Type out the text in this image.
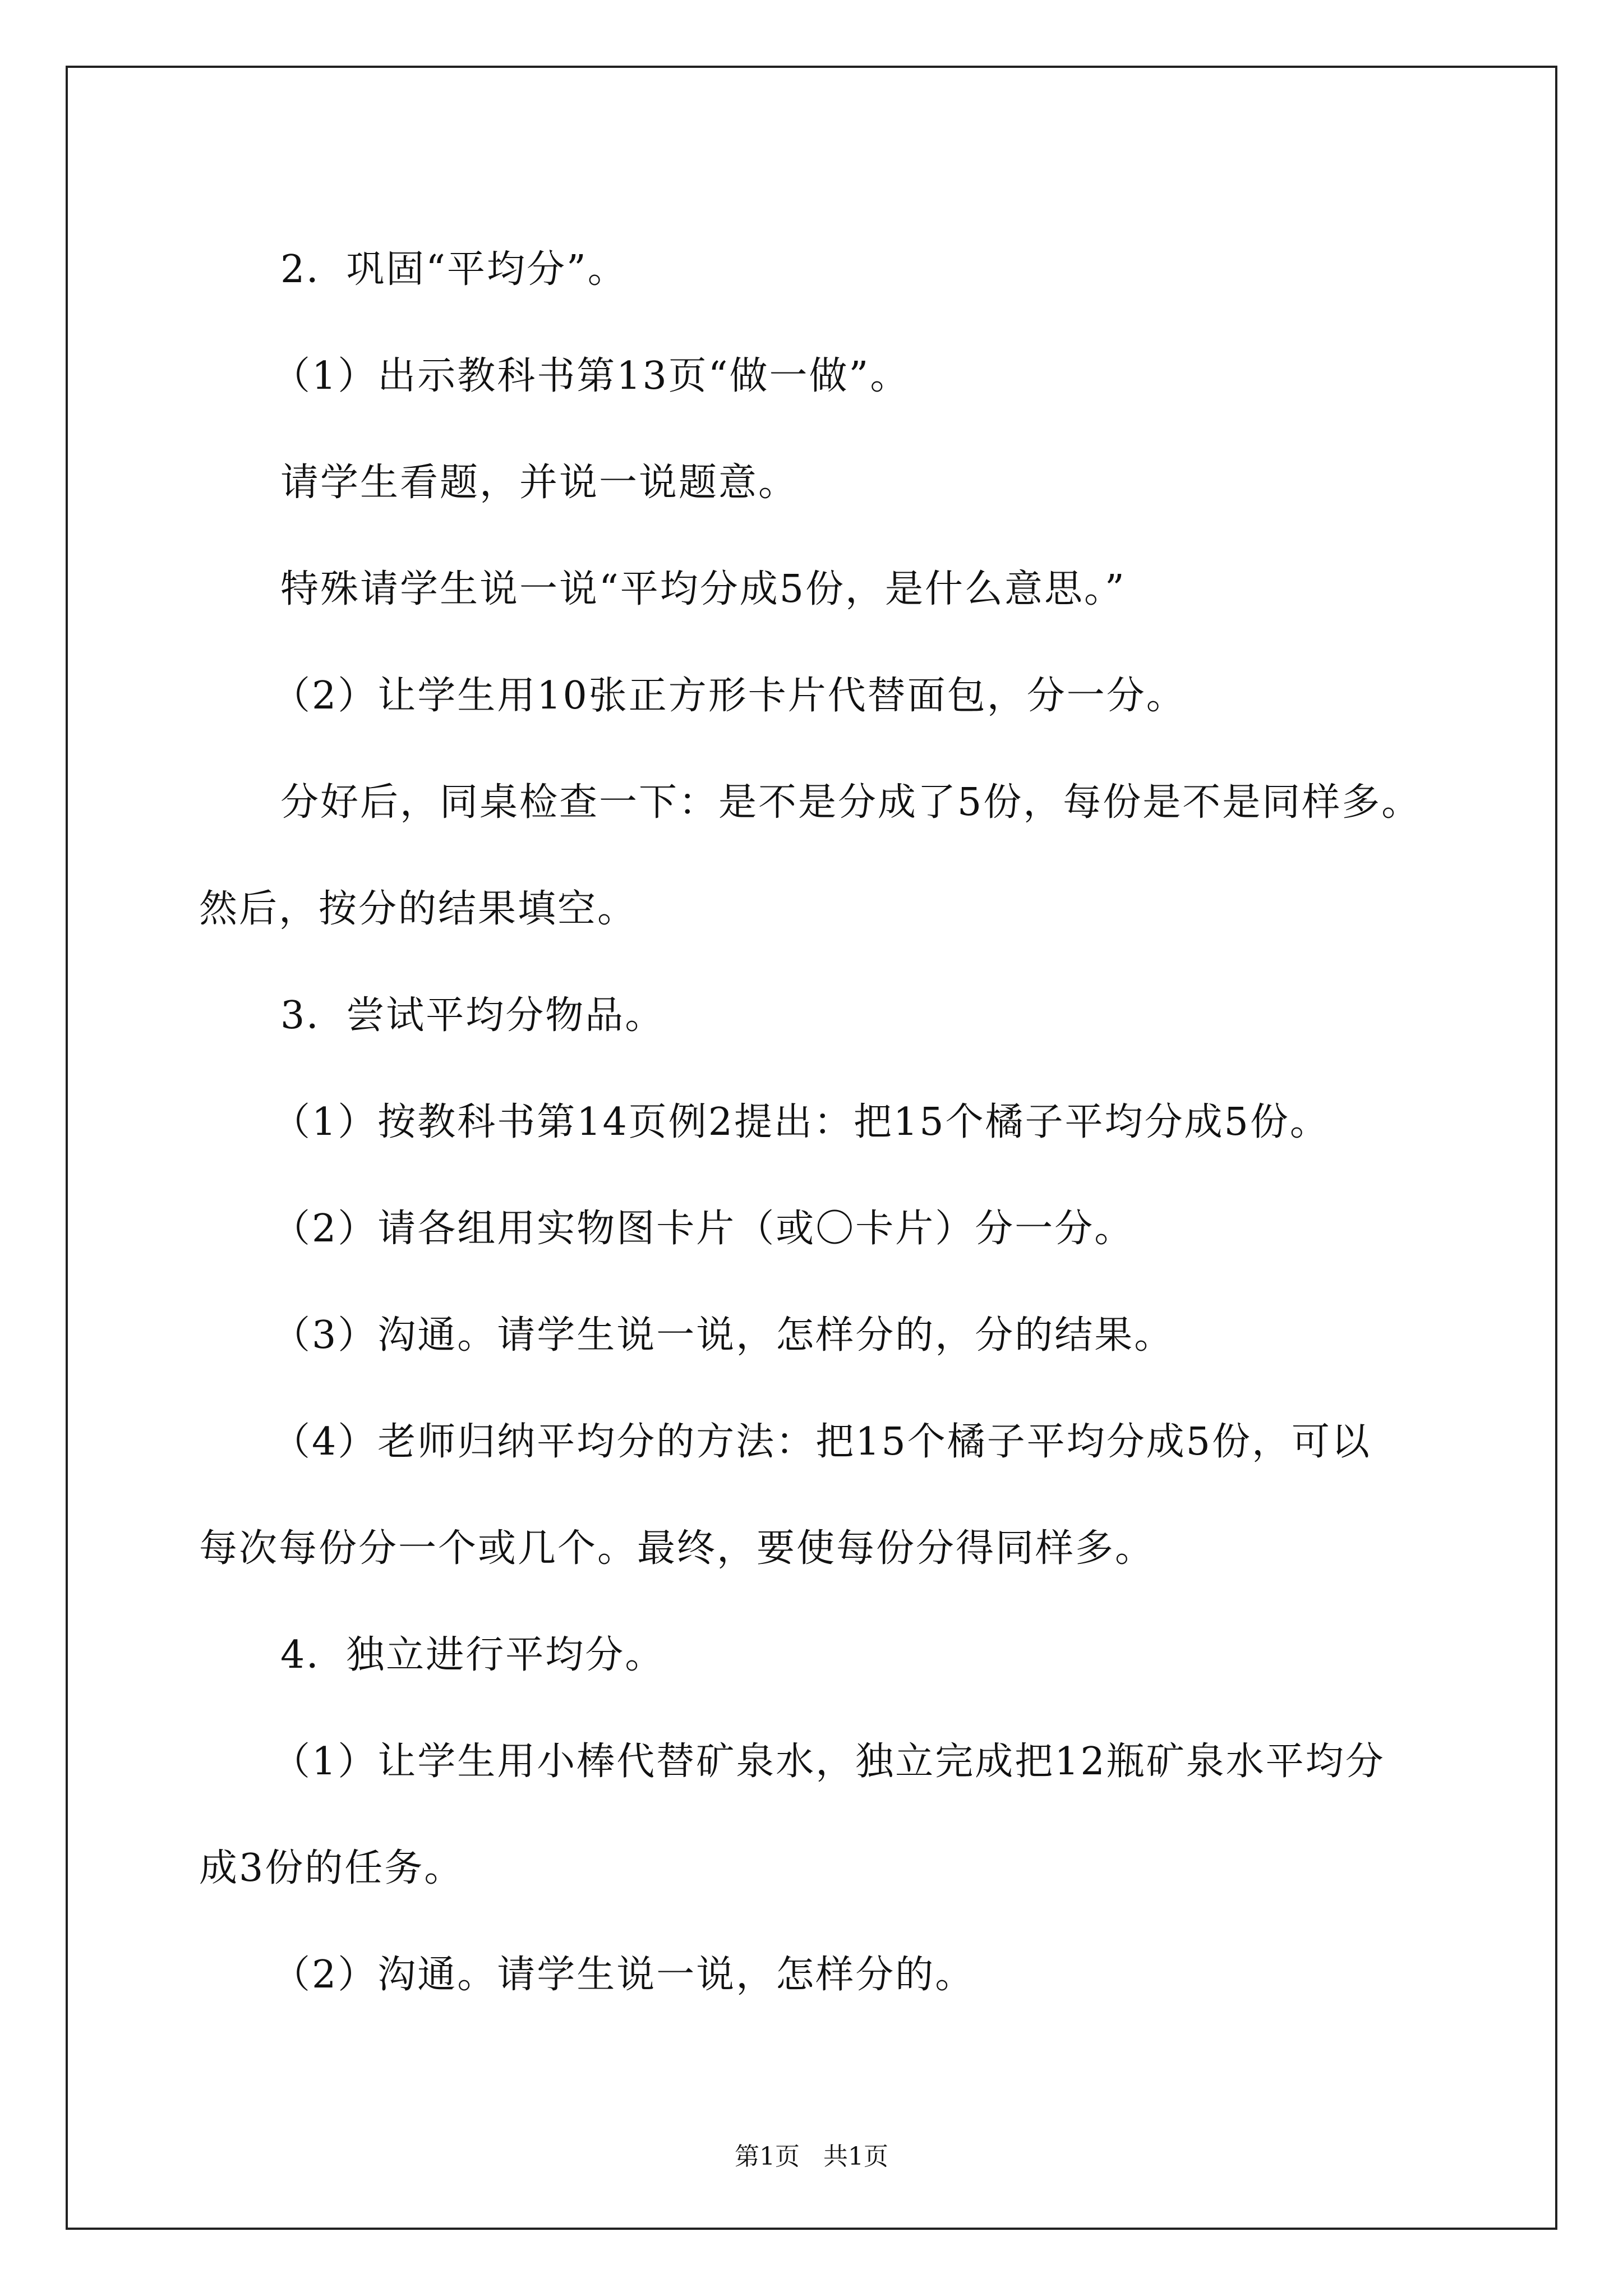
2．巩固“平均分”。

（1）出示教科书第13页“做一做”。

请学生看题，并说一说题意。

特殊请学生说一说“平均分成5份，是什么意思。”

（2）让学生用10张正方形卡片代替面包，分一分。

分好后，同桌检查一下：是不是分成了5份，每份是不是同样多。

然后，按分的结果填空。

3．尝试平均分物品。

（1）按教科书第14页例2提出：把15个橘子平均分成5份。

（2）请各组用实物图卡片（或〇卡片）分一分。

（3）沟通。请学生说一说，怎样分的，分的结果。

（4）老师归纳平均分的方法：把15个橘子平均分成5份，可以

每次每份分一个或几个。最终，要使每份分得同样多。

4．独立进行平均分。

（1）让学生用小棒代替矿泉水，独立完成把12瓶矿泉水平均分

成3份的任务。

（2）沟通。请学生说一说，怎样分的。

第1页 共1页
